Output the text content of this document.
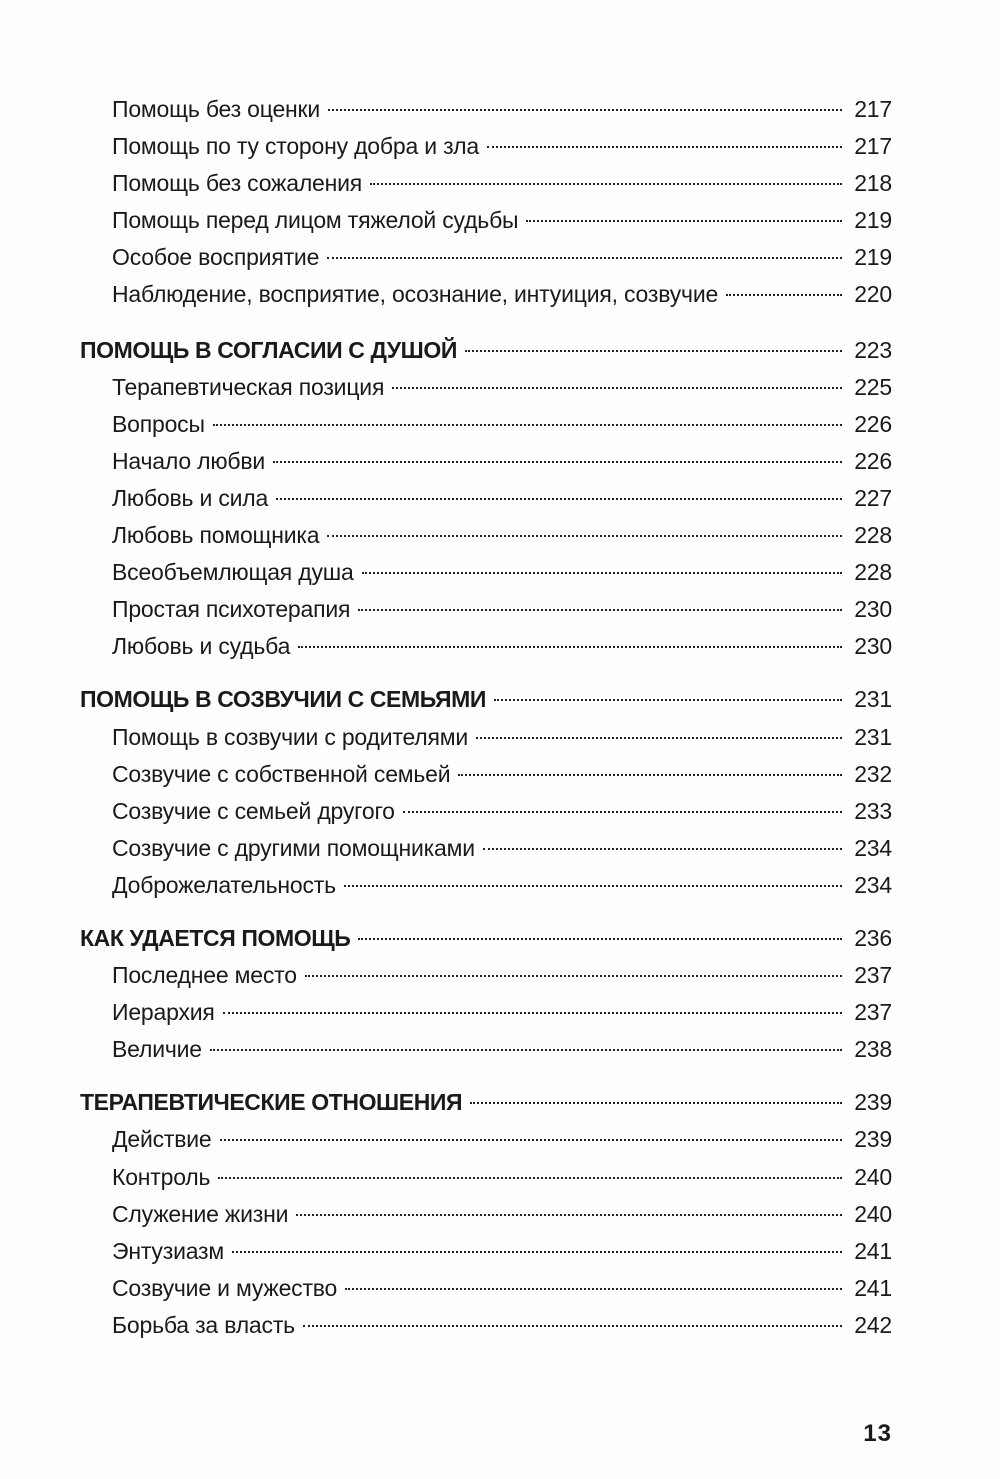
Помощь без оценки	217
Помощь по ту сторону добра и зла	217
Помощь без сожаления	218
Помощь перед лицом тяжелой судьбы	219
Особое восприятие	219
Наблюдение, восприятие, осознание, интуиция, созвучие	220
ПОМОЩЬ В СОГЛАСИИ С ДУШОЙ	223
Терапевтическая позиция	225
Вопросы	226
Начало любви	226
Любовь и сила	227
Любовь помощника	228
Всеобъемлющая душа	228
Простая психотерапия	230
Любовь и судьба	230
ПОМОЩЬ В СОЗВУЧИИ С СЕМЬЯМИ	231
Помощь в созвучии с родителями	231
Созвучие с собственной семьей	232
Созвучие с семьей другого	233
Созвучие с другими помощниками	234
Доброжелательность	234
КАК УДАЕТСЯ ПОМОЩЬ	236
Последнее место	237
Иерархия	237
Величие	238
ТЕРАПЕВТИЧЕСКИЕ ОТНОШЕНИЯ	239
Действие	239
Контроль	240
Служение жизни	240
Энтузиазм	241
Созвучие и мужество	241
Борьба за власть	242
13
